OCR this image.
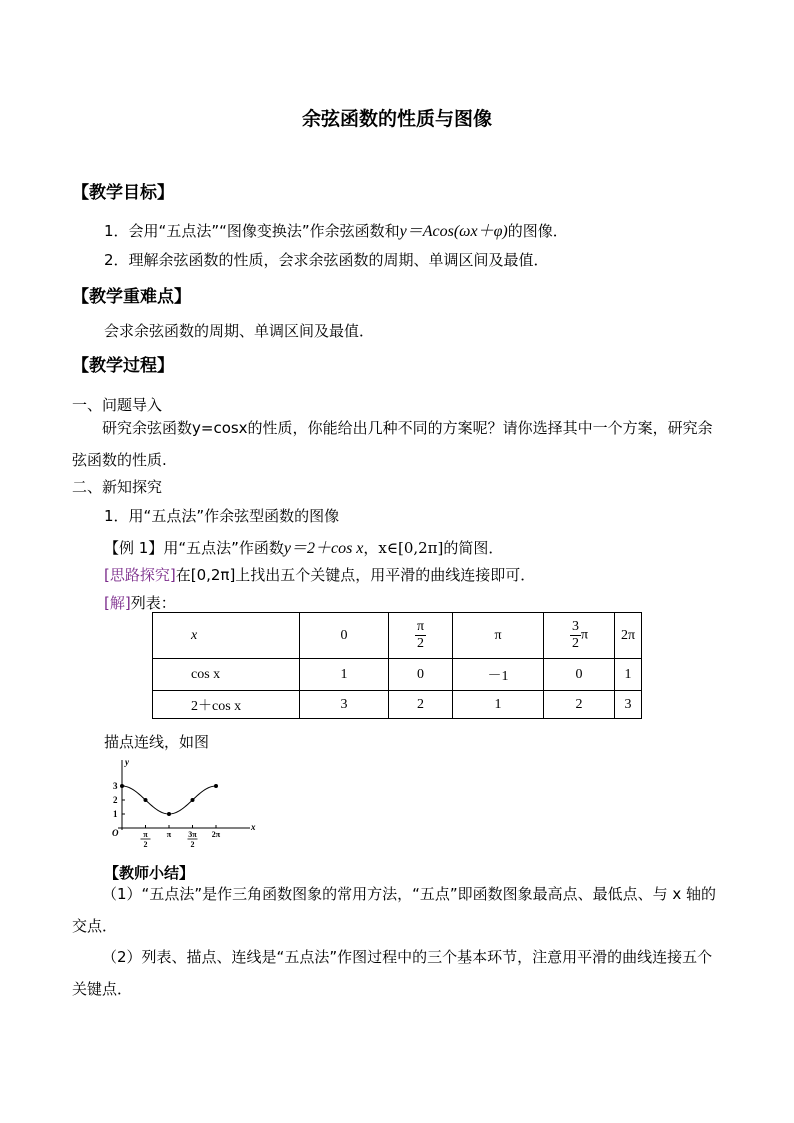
余弦函数的性质与图像
【教学目标】
1．会用“五点法”“图像变换法”作余弦函数和y＝Acos(ωx＋φ)的图像．
2．理解余弦函数的性质，会求余弦函数的周期、单调区间及最值．
【教学重难点】
会求余弦函数的周期、单调区间及最值．
【教学过程】
一、问题导入
研究余弦函数y=cosx的性质，你能给出几种不同的方案呢？请你选择其中一个方案，研究余弦函数的性质.
二、新知探究
1．用“五点法”作余弦型函数的图像
【例 1】用“五点法”作函数y＝2＋cos x，x∈[0,2π]的简图．
[思路探究]在[0,2π]上找出五个关键点，用平滑的曲线连接即可．
[解]列表：
x	0	$\frac{\pi}{2}$	π	$\frac{3}{2}$ π	2π
cos x	1	0	－1	0	1
2＋cos x	3	2	1	2	3
描点连线，如图
1
2
3
O	π
2
π 3π
2
2π
x
y
【教师小结】
（1）“五点法”是作三角函数图象的常用方法，“五点”即函数图象最高点、最低点、与 x 轴的交点．
（2）列表、描点、连线是“五点法”作图过程中的三个基本环节，注意用平滑的曲线连接五个关键点．
